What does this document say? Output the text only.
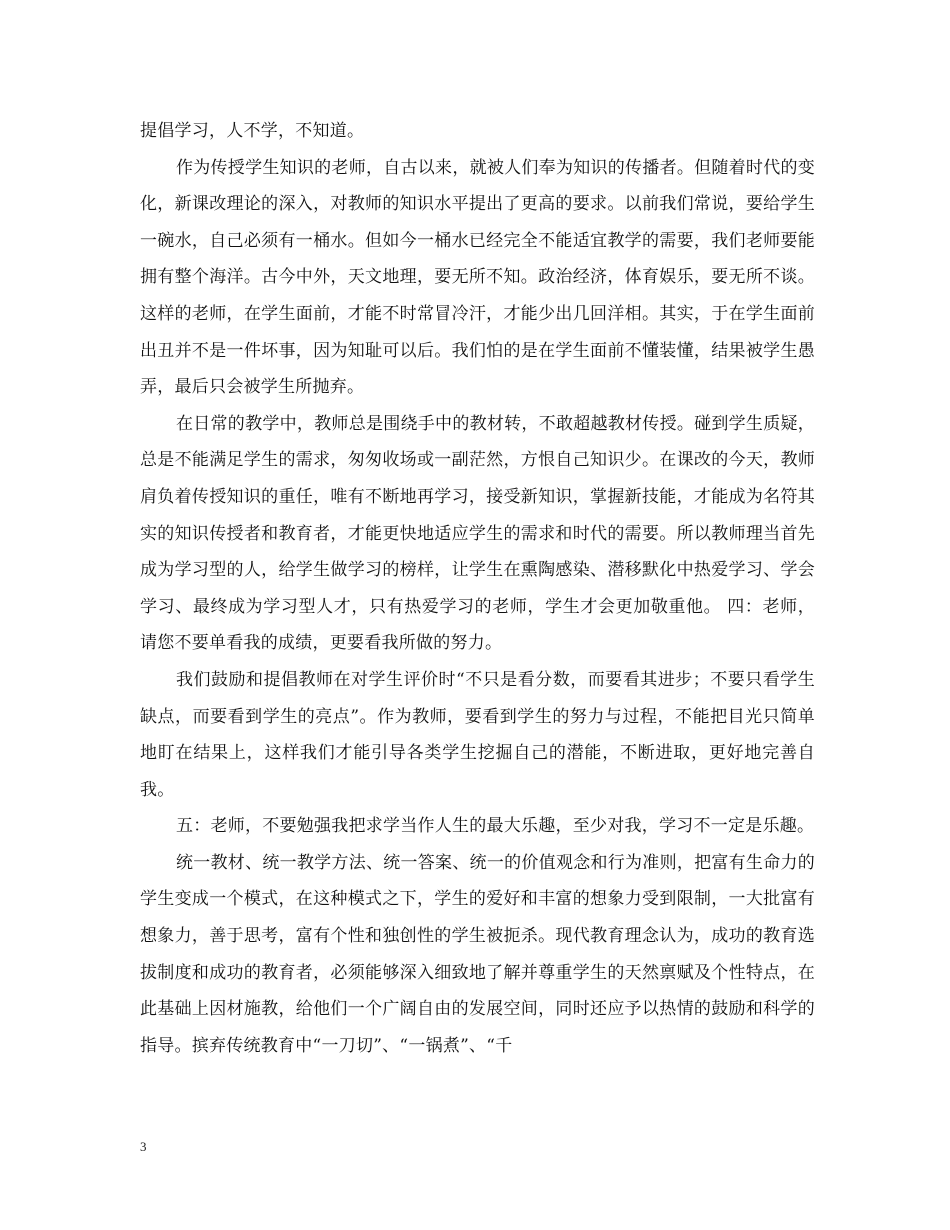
提倡学习，人不学，不知道。

作为传授学生知识的老师，自古以来，就被人们奉为知识的传播者。但随着时代的变化，新课改理论的深入，对教师的知识水平提出了更高的要求。以前我们常说，要给学生一碗水，自己必须有一桶水。但如今一桶水已经完全不能适宜教学的需要，我们老师要能拥有整个海洋。古今中外，天文地理，要无所不知。政治经济，体育娱乐，要无所不谈。这样的老师，在学生面前，才能不时常冒冷汗，才能少出几回洋相。其实，于在学生面前出丑并不是一件坏事，因为知耻可以后。我们怕的是在学生面前不懂装懂，结果被学生愚弄，最后只会被学生所抛弃。

在日常的教学中，教师总是围绕手中的教材转，不敢超越教材传授。碰到学生质疑，总是不能满足学生的需求，匆匆收场或一副茫然，方恨自己知识少。在课改的今天，教师肩负着传授知识的重任，唯有不断地再学习，接受新知识，掌握新技能，才能成为名符其实的知识传授者和教育者，才能更快地适应学生的需求和时代的需要。所以教师理当首先成为学习型的人，给学生做学习的榜样，让学生在熏陶感染、潜移默化中热爱学习、学会学习、最终成为学习型人才，只有热爱学习的老师，学生才会更加敬重他。 四：老师，请您不要单看我的成绩，更要看我所做的努力。

我们鼓励和提倡教师在对学生评价时“不只是看分数，而要看其进步；不要只看学生缺点，而要看到学生的亮点”。作为教师，要看到学生的努力与过程，不能把目光只简单地盯在结果上，这样我们才能引导各类学生挖掘自己的潜能，不断进取，更好地完善自我。

五：老师，不要勉强我把求学当作人生的最大乐趣，至少对我，学习不一定是乐趣。

统一教材、统一教学方法、统一答案、统一的价值观念和行为准则，把富有生命力的学生变成一个模式，在这种模式之下，学生的爱好和丰富的想象力受到限制，一大批富有想象力，善于思考，富有个性和独创性的学生被扼杀。现代教育理念认为，成功的教育选拔制度和成功的教育者，必须能够深入细致地了解并尊重学生的天然禀赋及个性特点，在此基础上因材施教，给他们一个广阔自由的发展空间，同时还应予以热情的鼓励和科学的指导。摈弃传统教育中“一刀切”、“一锅煮”、“千

3
